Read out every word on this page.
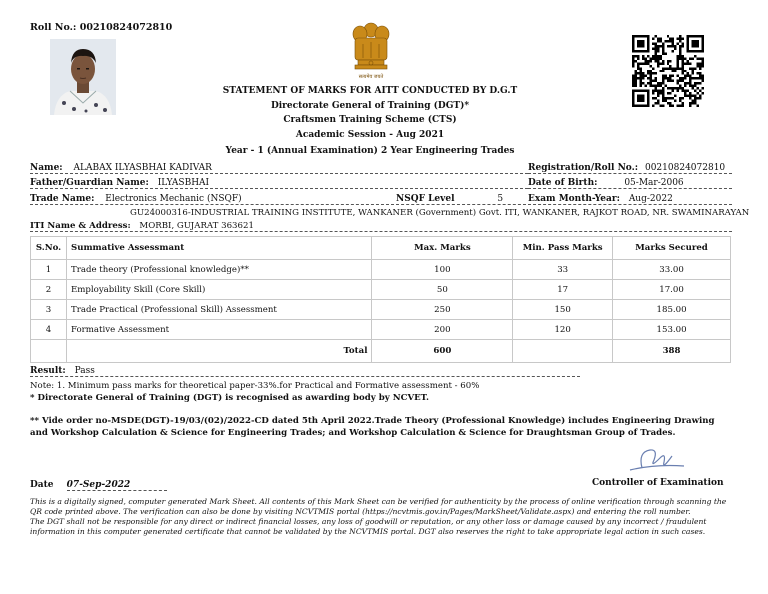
Roll No.: 00210824072810
सत्यमेव जयते
STATEMENT OF MARKS FOR AITT CONDUCTED BY D.G.T
Directorate General of Training (DGT)*
Craftsmen Training Scheme (CTS)
Academic Session - Aug 2021
Year - 1 (Annual Examination) 2 Year Engineering Trades
Name: ALABAX ILYASBHAI KADIVAR	Registration/Roll No.: 00210824072810
Father/Guardian Name: ILYASBHAI	Date of Birth:	05-Mar-2006
Trade Name: Electronics Mechanic (NSQF)	NSQF Level	5	Exam Month-Year: Aug-2022
GU24000316-INDUSTRIAL TRAINING INSTITUTE, WANKANER (Government) Govt. ITI, WANKANER, RAJKOT ROAD, NR. SWAMINARAYAN
ITI Name & Address: MORBI, GUJARAT 363621
S.No.	Summative Assessmant	Max. Marks	Min. Pass Marks	Marks Secured
1	Trade theory (Professional knowledge)**	100	33	33.00
2	Employability Skill (Core Skill)	50	17	17.00
3	Trade Practical (Professional Skill) Assessment	250	150	185.00
4	Formative Assessment	200	120	153.00
	Total	600		388
Result: Pass
Note: 1. Minimum pass marks for theoretical paper-33%.for Practical and Formative assessment - 60%
* Directorate General of Training (DGT) is recognised as awarding body by NCVET.
** Vide order no-MSDE(DGT)-19/03/(02)/2022-CD dated 5th April 2022.Trade Theory (Professional Knowledge) includes Engineering Drawing and Workshop Calculation & Science for Engineering Trades; and Workshop Calculation & Science for Draughtsman Group of Trades.
Controller of Examination
Date 07-Sep-2022
This is a digitally signed, computer generated Mark Sheet. All contents of this Mark Sheet can be verified for authenticity by the process of online verification through scanning the QR code printed above. The verification can also be done by visiting NCVTMIS portal (https://ncvtmis.gov.in/Pages/MarkSheet/Validate.aspx) and entering the roll number.
The DGT shall not be responsible for any direct or indirect financial losses, any loss of goodwill or reputation, or any other loss or damage caused by any incorrect / fraudulent information in this computer generated certificate that cannot be validated by the NCVTMIS portal. DGT also reserves the right to take appropriate legal action in such cases.
